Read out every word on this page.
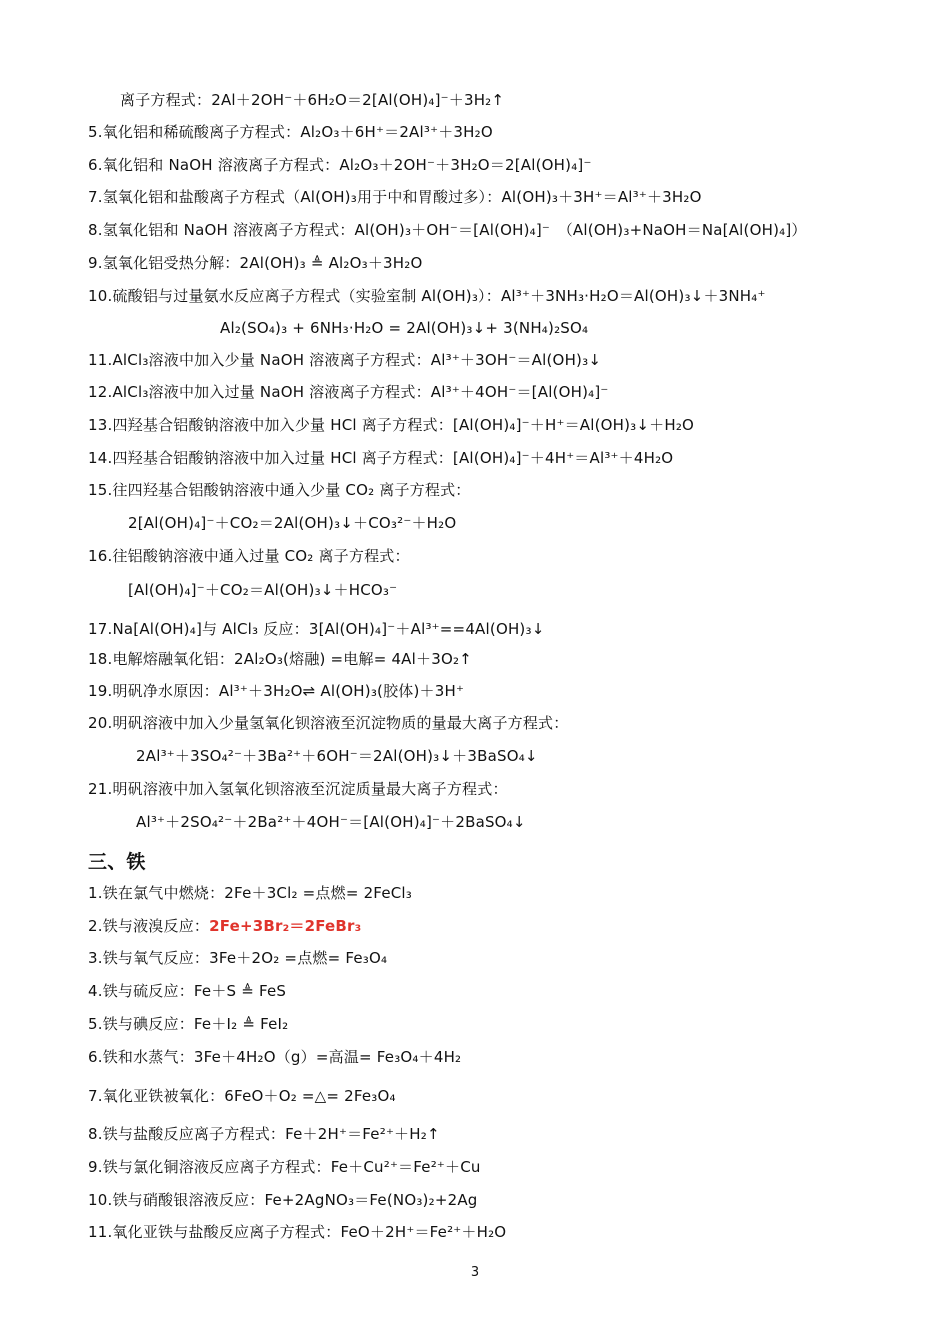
离子方程式：2Al＋2OH⁻＋6H₂O＝2[Al(OH)₄]⁻＋3H₂↑
5.氧化铝和稀硫酸离子方程式：Al₂O₃＋6H⁺＝2Al³⁺＋3H₂O
6.氧化铝和 NaOH 溶液离子方程式：Al₂O₃＋2OH⁻＋3H₂O＝2[Al(OH)₄]⁻
7.氢氧化铝和盐酸离子方程式（Al(OH)₃用于中和胃酸过多）：Al(OH)₃＋3H⁺＝Al³⁺＋3H₂O
8.氢氧化铝和 NaOH 溶液离子方程式：Al(OH)₃＋OH⁻＝[Al(OH)₄]⁻　（Al(OH)₃+NaOH＝Na[Al(OH)₄]）
9.氢氧化铝受热分解：2Al(OH)₃ ≜ Al₂O₃＋3H₂O
10.硫酸铝与过量氨水反应离子方程式（实验室制 Al(OH)₃）：Al³⁺＋3NH₃·H₂O＝Al(OH)₃↓＋3NH₄⁺
Al₂(SO₄)₃ + 6NH₃·H₂O = 2Al(OH)₃↓+ 3(NH₄)₂SO₄
11.AlCl₃溶液中加入少量 NaOH 溶液离子方程式：Al³⁺＋3OH⁻＝Al(OH)₃↓
12.AlCl₃溶液中加入过量 NaOH 溶液离子方程式：Al³⁺＋4OH⁻＝[Al(OH)₄]⁻
13.四羟基合铝酸钠溶液中加入少量 HCl 离子方程式：[Al(OH)₄]⁻＋H⁺＝Al(OH)₃↓＋H₂O
14.四羟基合铝酸钠溶液中加入过量 HCl 离子方程式：[Al(OH)₄]⁻＋4H⁺＝Al³⁺＋4H₂O
15.往四羟基合铝酸钠溶液中通入少量 CO₂ 离子方程式：
2[Al(OH)₄]⁻＋CO₂＝2Al(OH)₃↓＋CO₃²⁻＋H₂O
16.往铝酸钠溶液中通入过量 CO₂ 离子方程式：
[Al(OH)₄]⁻＋CO₂＝Al(OH)₃↓＋HCO₃⁻
17.Na[Al(OH)₄]与 AlCl₃ 反应：3[Al(OH)₄]⁻＋Al³⁺==4Al(OH)₃↓
18.电解熔融氧化铝：2Al₂O₃(熔融) =电解= 4Al＋3O₂↑
19.明矾净水原因：Al³⁺＋3H₂O⇌ Al(OH)₃(胶体)＋3H⁺
20.明矾溶液中加入少量氢氧化钡溶液至沉淀物质的量最大离子方程式：
2Al³⁺＋3SO₄²⁻＋3Ba²⁺＋6OH⁻＝2Al(OH)₃↓＋3BaSO₄↓
21.明矾溶液中加入氢氧化钡溶液至沉淀质量最大离子方程式：
Al³⁺＋2SO₄²⁻＋2Ba²⁺＋4OH⁻＝[Al(OH)₄]⁻＋2BaSO₄↓
三、铁
1.铁在氯气中燃烧：2Fe＋3Cl₂ =点燃= 2FeCl₃
2.铁与液溴反应：2Fe+3Br₂＝2FeBr₃
3.铁与氧气反应：3Fe＋2O₂ =点燃= Fe₃O₄
4.铁与硫反应：Fe＋S ≜ FeS
5.铁与碘反应：Fe＋I₂ ≜ FeI₂
6.铁和水蒸气：3Fe＋4H₂O（g）=高温= Fe₃O₄＋4H₂
7.氧化亚铁被氧化：6FeO＋O₂ =△= 2Fe₃O₄
8.铁与盐酸反应离子方程式：Fe＋2H⁺＝Fe²⁺＋H₂↑
9.铁与氯化铜溶液反应离子方程式：Fe＋Cu²⁺＝Fe²⁺＋Cu
10.铁与硝酸银溶液反应：Fe+2AgNO₃＝Fe(NO₃)₂+2Ag
11.氧化亚铁与盐酸反应离子方程式：FeO＋2H⁺＝Fe²⁺＋H₂O
3
